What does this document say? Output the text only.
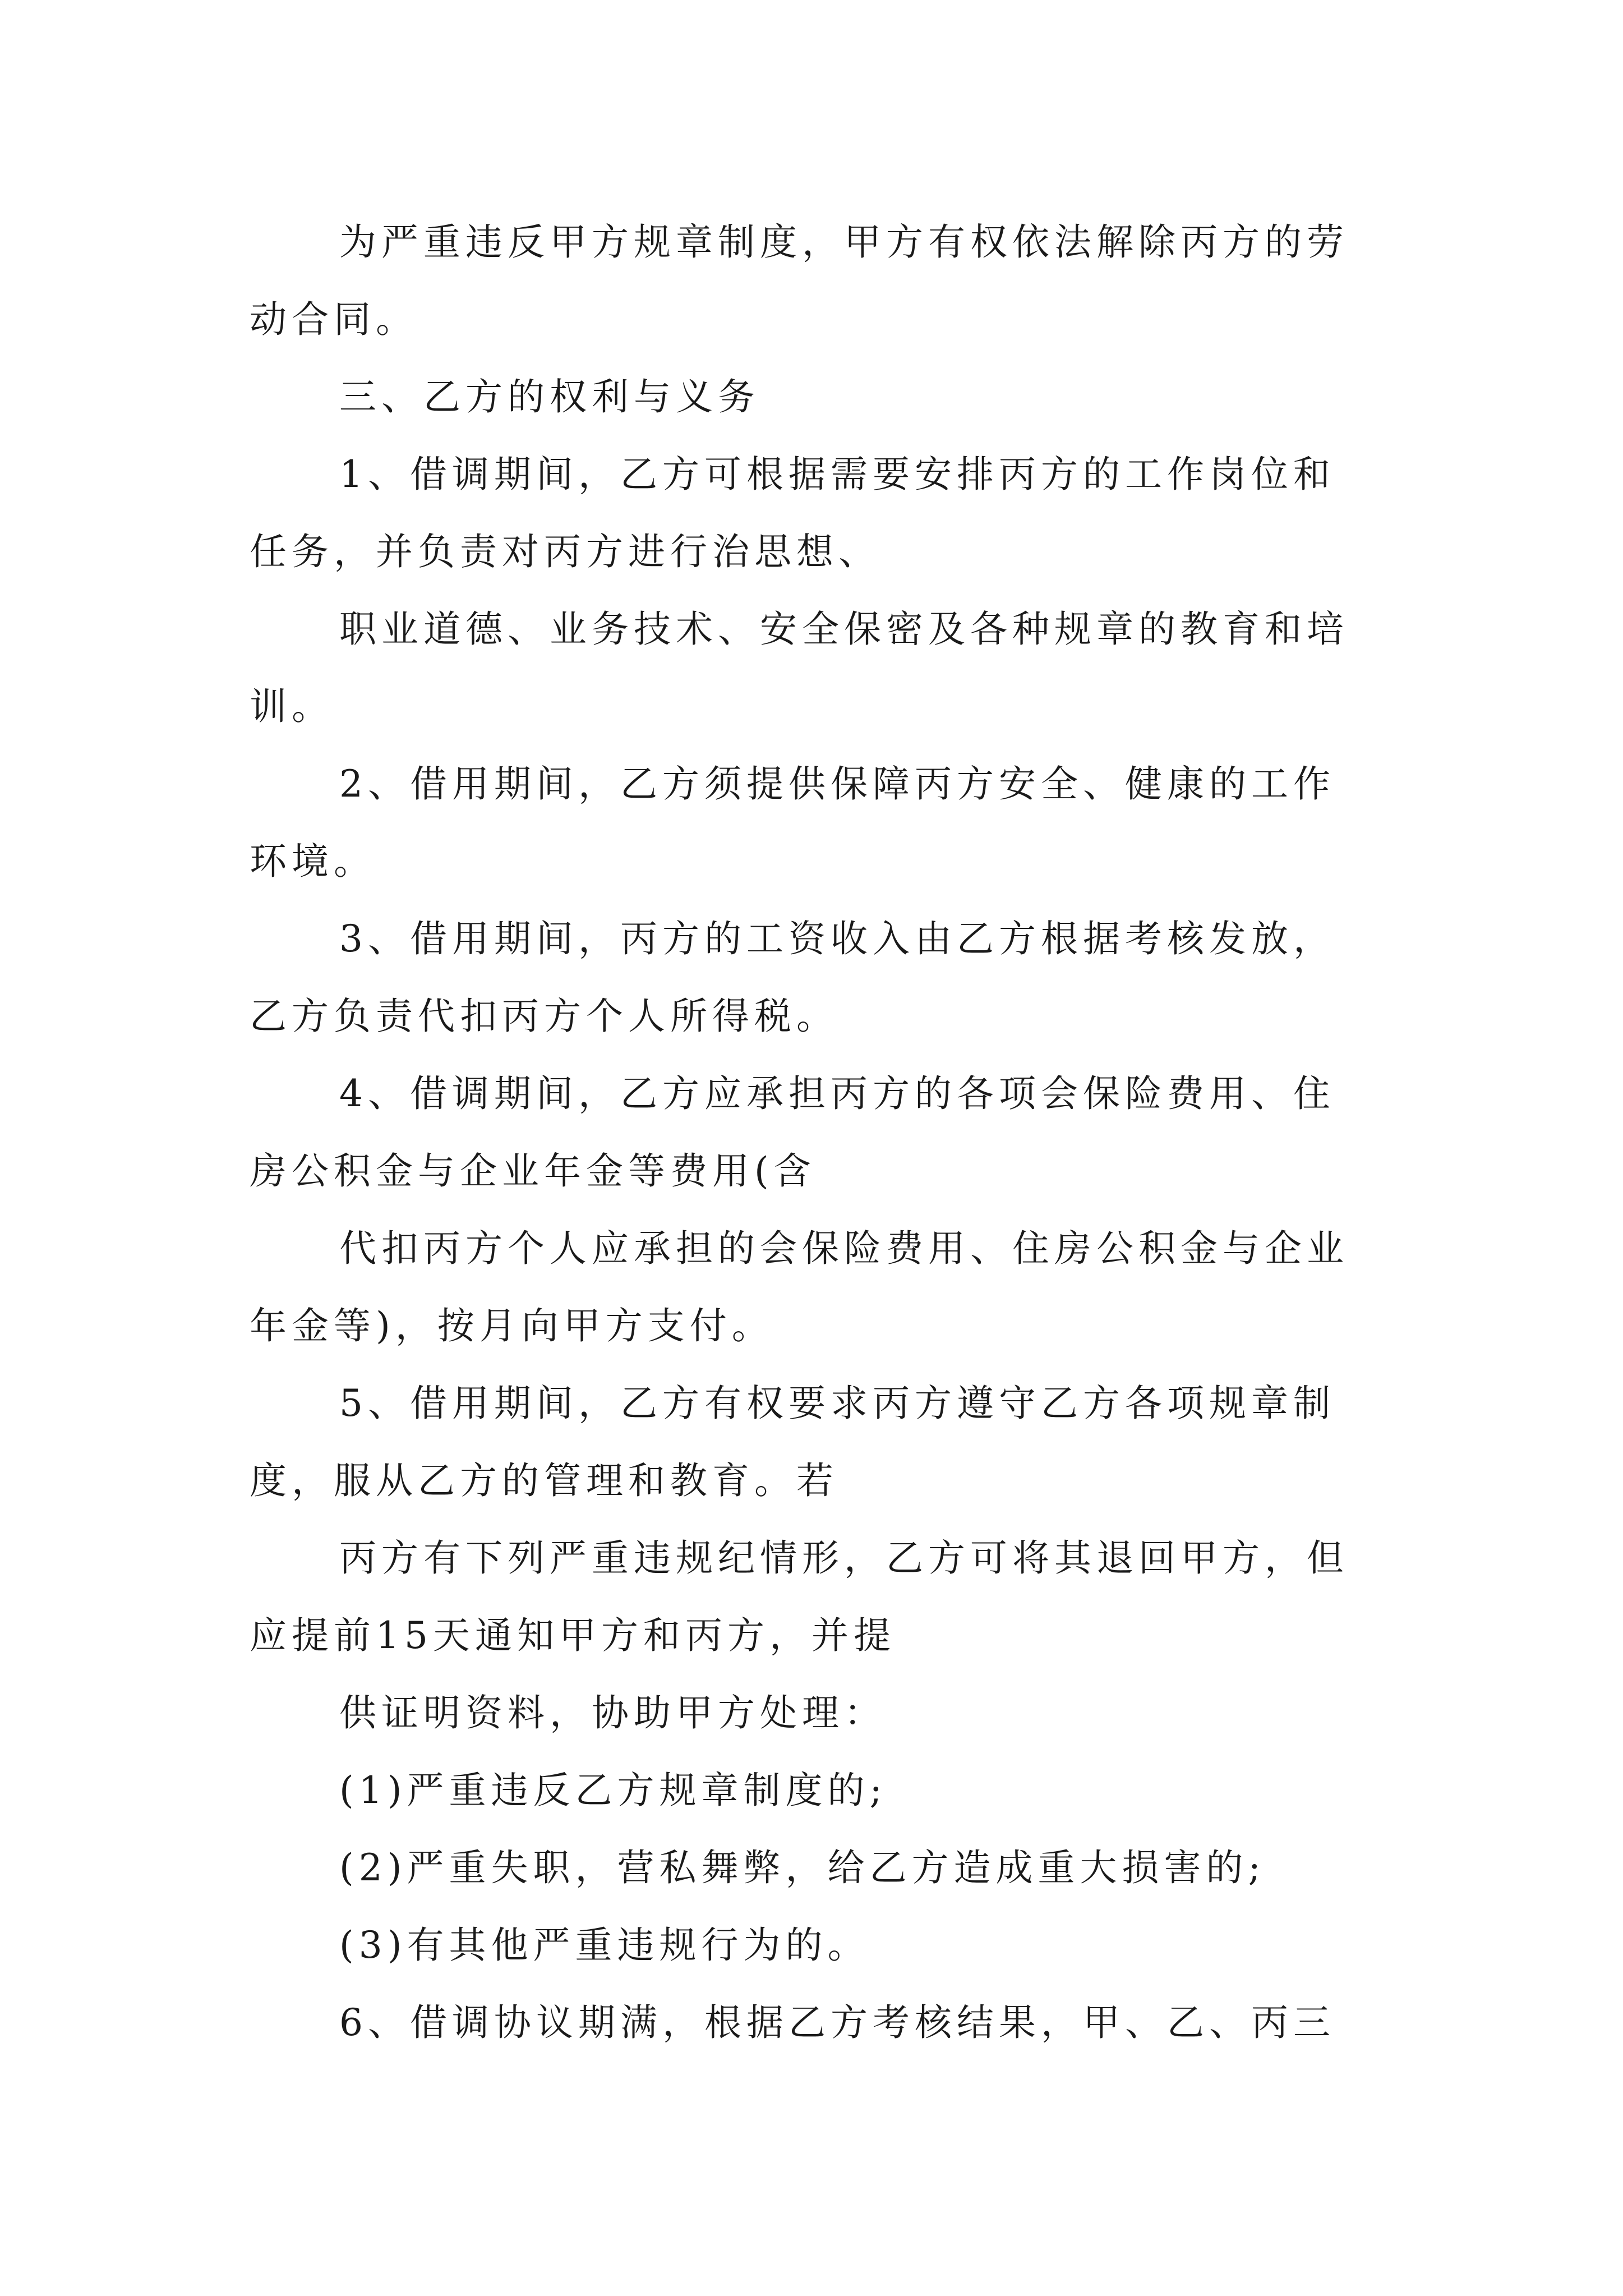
为严重违反甲方规章制度，甲方有权依法解除丙方的劳
动合同。
三、乙方的权利与义务
1、借调期间，乙方可根据需要安排丙方的工作岗位和
任务，并负责对丙方进行治思想、
职业道德、业务技术、安全保密及各种规章的教育和培
训。
2、借用期间，乙方须提供保障丙方安全、健康的工作
环境。
3、借用期间，丙方的工资收入由乙方根据考核发放，
乙方负责代扣丙方个人所得税。
4、借调期间，乙方应承担丙方的各项会保险费用、住
房公积金与企业年金等费用(含
代扣丙方个人应承担的会保险费用、住房公积金与企业
年金等)，按月向甲方支付。
5、借用期间，乙方有权要求丙方遵守乙方各项规章制
度，服从乙方的管理和教育。若
丙方有下列严重违规纪情形，乙方可将其退回甲方，但
应提前15天通知甲方和丙方，并提
供证明资料，协助甲方处理：
(1)严重违反乙方规章制度的;
(2)严重失职，营私舞弊，给乙方造成重大损害的;
(3)有其他严重违规行为的。
6、借调协议期满，根据乙方考核结果，甲、乙、丙三
